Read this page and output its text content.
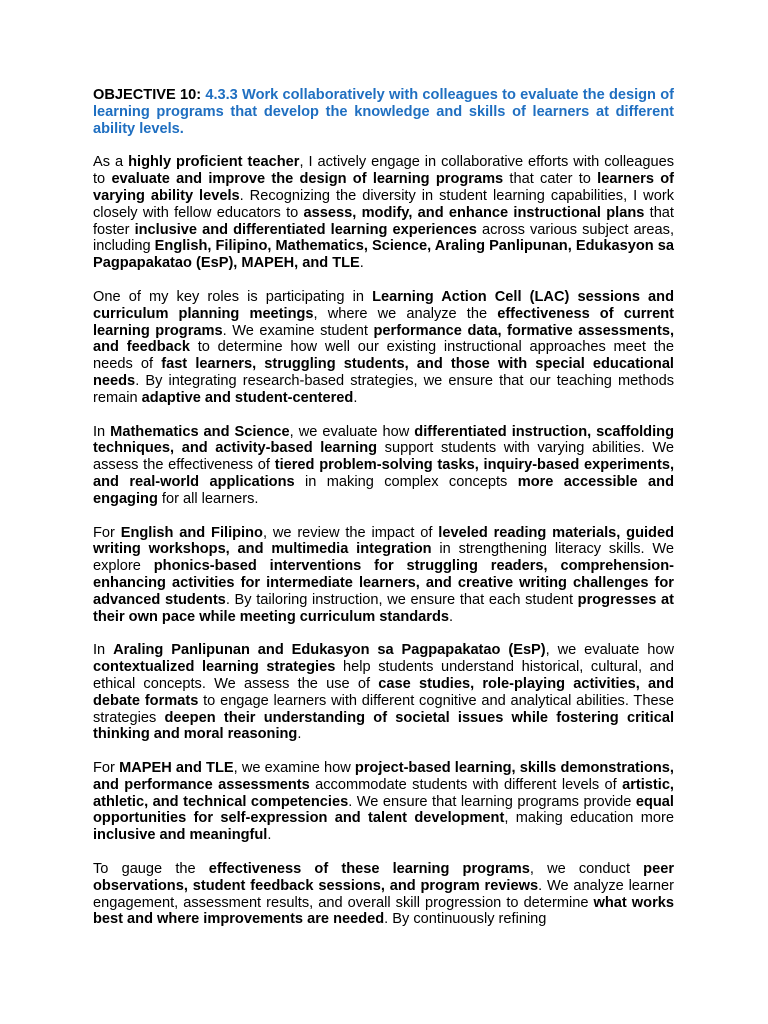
OBJECTIVE 10: 4.3.3 Work collaboratively with colleagues to evaluate the design of learning programs that develop the knowledge and skills of learners at different ability levels.

As a highly proficient teacher, I actively engage in collaborative efforts with colleagues to evaluate and improve the design of learning programs that cater to learners of varying ability levels. Recognizing the diversity in student learning capabilities, I work closely with fellow educators to assess, modify, and enhance instructional plans that foster inclusive and differentiated learning experiences across various subject areas, including English, Filipino, Mathematics, Science, Araling Panlipunan, Edukasyon sa Pagpapakatao (EsP), MAPEH, and TLE.

One of my key roles is participating in Learning Action Cell (LAC) sessions and curriculum planning meetings, where we analyze the effectiveness of current learning programs. We examine student performance data, formative assessments, and feedback to determine how well our existing instructional approaches meet the needs of fast learners, struggling students, and those with special educational needs. By integrating research-based strategies, we ensure that our teaching methods remain adaptive and student-centered.

In Mathematics and Science, we evaluate how differentiated instruction, scaffolding techniques, and activity-based learning support students with varying abilities. We assess the effectiveness of tiered problem-solving tasks, inquiry-based experiments, and real-world applications in making complex concepts more accessible and engaging for all learners.

For English and Filipino, we review the impact of leveled reading materials, guided writing workshops, and multimedia integration in strengthening literacy skills. We explore phonics-based interventions for struggling readers, comprehension-enhancing activities for intermediate learners, and creative writing challenges for advanced students. By tailoring instruction, we ensure that each student progresses at their own pace while meeting curriculum standards.

In Araling Panlipunan and Edukasyon sa Pagpapakatao (EsP), we evaluate how contextualized learning strategies help students understand historical, cultural, and ethical concepts. We assess the use of case studies, role-playing activities, and debate formats to engage learners with different cognitive and analytical abilities. These strategies deepen their understanding of societal issues while fostering critical thinking and moral reasoning.

For MAPEH and TLE, we examine how project-based learning, skills demonstrations, and performance assessments accommodate students with different levels of artistic, athletic, and technical competencies. We ensure that learning programs provide equal opportunities for self-expression and talent development, making education more inclusive and meaningful.

To gauge the effectiveness of these learning programs, we conduct peer observations, student feedback sessions, and program reviews. We analyze learner engagement, assessment results, and overall skill progression to determine what works best and where improvements are needed. By continuously refining
